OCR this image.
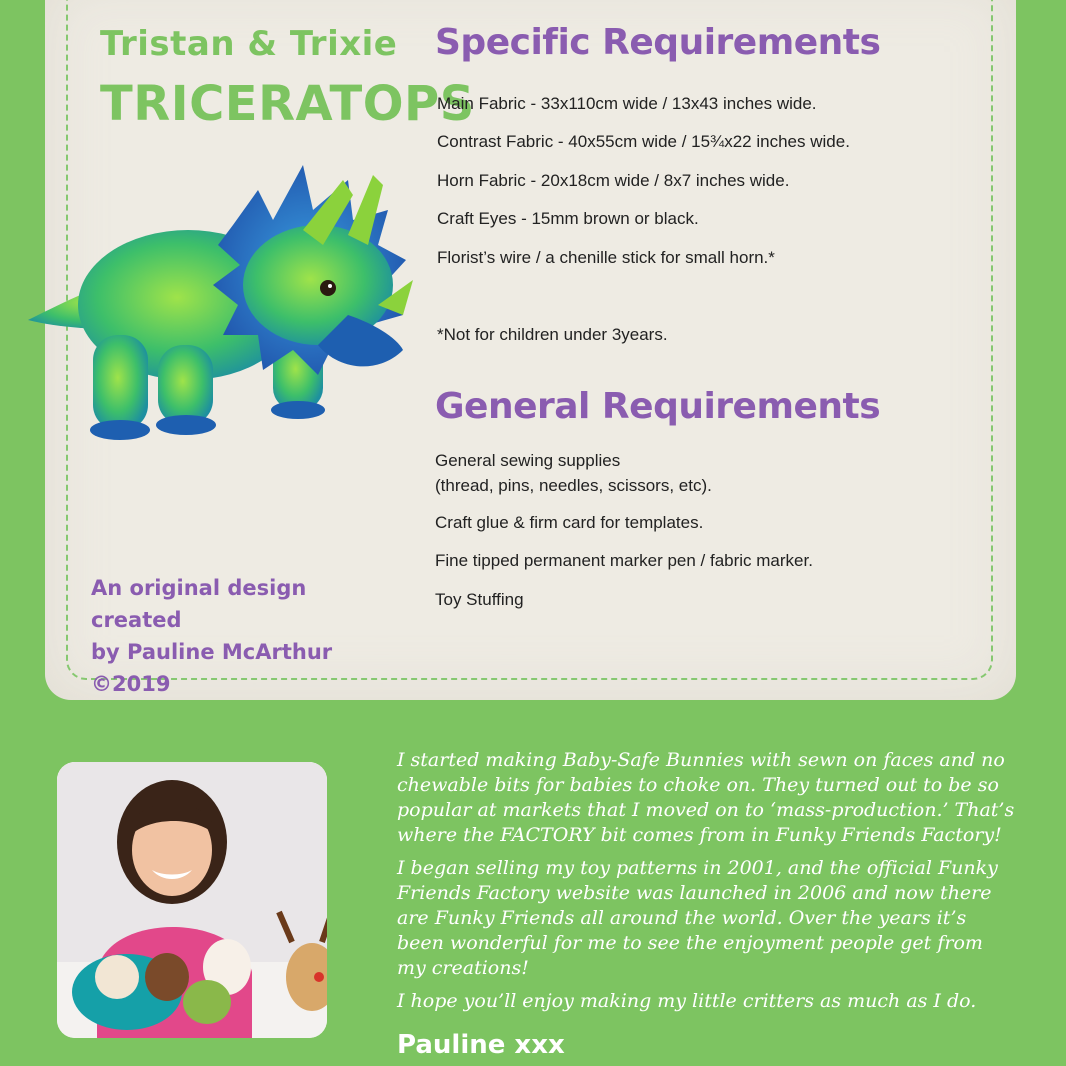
Tristan & Trixie
TRICERATOPS
Specific Requirements
Main Fabric - 33x110cm wide / 13x43 inches wide.
Contrast Fabric - 40x55cm wide / 15¾x22 inches wide.
Horn Fabric - 20x18cm wide / 8x7 inches wide.
Craft Eyes - 15mm brown or black.
Florist’s wire / a chenille stick for small horn.*
*Not for children under 3years.
General Requirements
General sewing supplies
(thread, pins, needles, scissors, etc).
Craft glue & firm card for templates.
Fine tipped permanent marker pen / fabric marker.
Toy Stuffing
An original design created
by Pauline McArthur
©2019
I started making Baby-Safe Bunnies with sewn on faces and no chewable bits for babies to choke on. They turned out to be so popular at markets that I moved on to ‘mass-production.’ That’s where the FACTORY bit comes from in Funky Friends Factory!
I began selling my toy patterns in 2001, and the official Funky Friends Factory website was launched in 2006 and now there are Funky Friends all around the world. Over the years it’s been wonderful for me to see the enjoyment people get from my creations!
I hope you’ll enjoy making my little critters as much as I do.
Pauline xxx
